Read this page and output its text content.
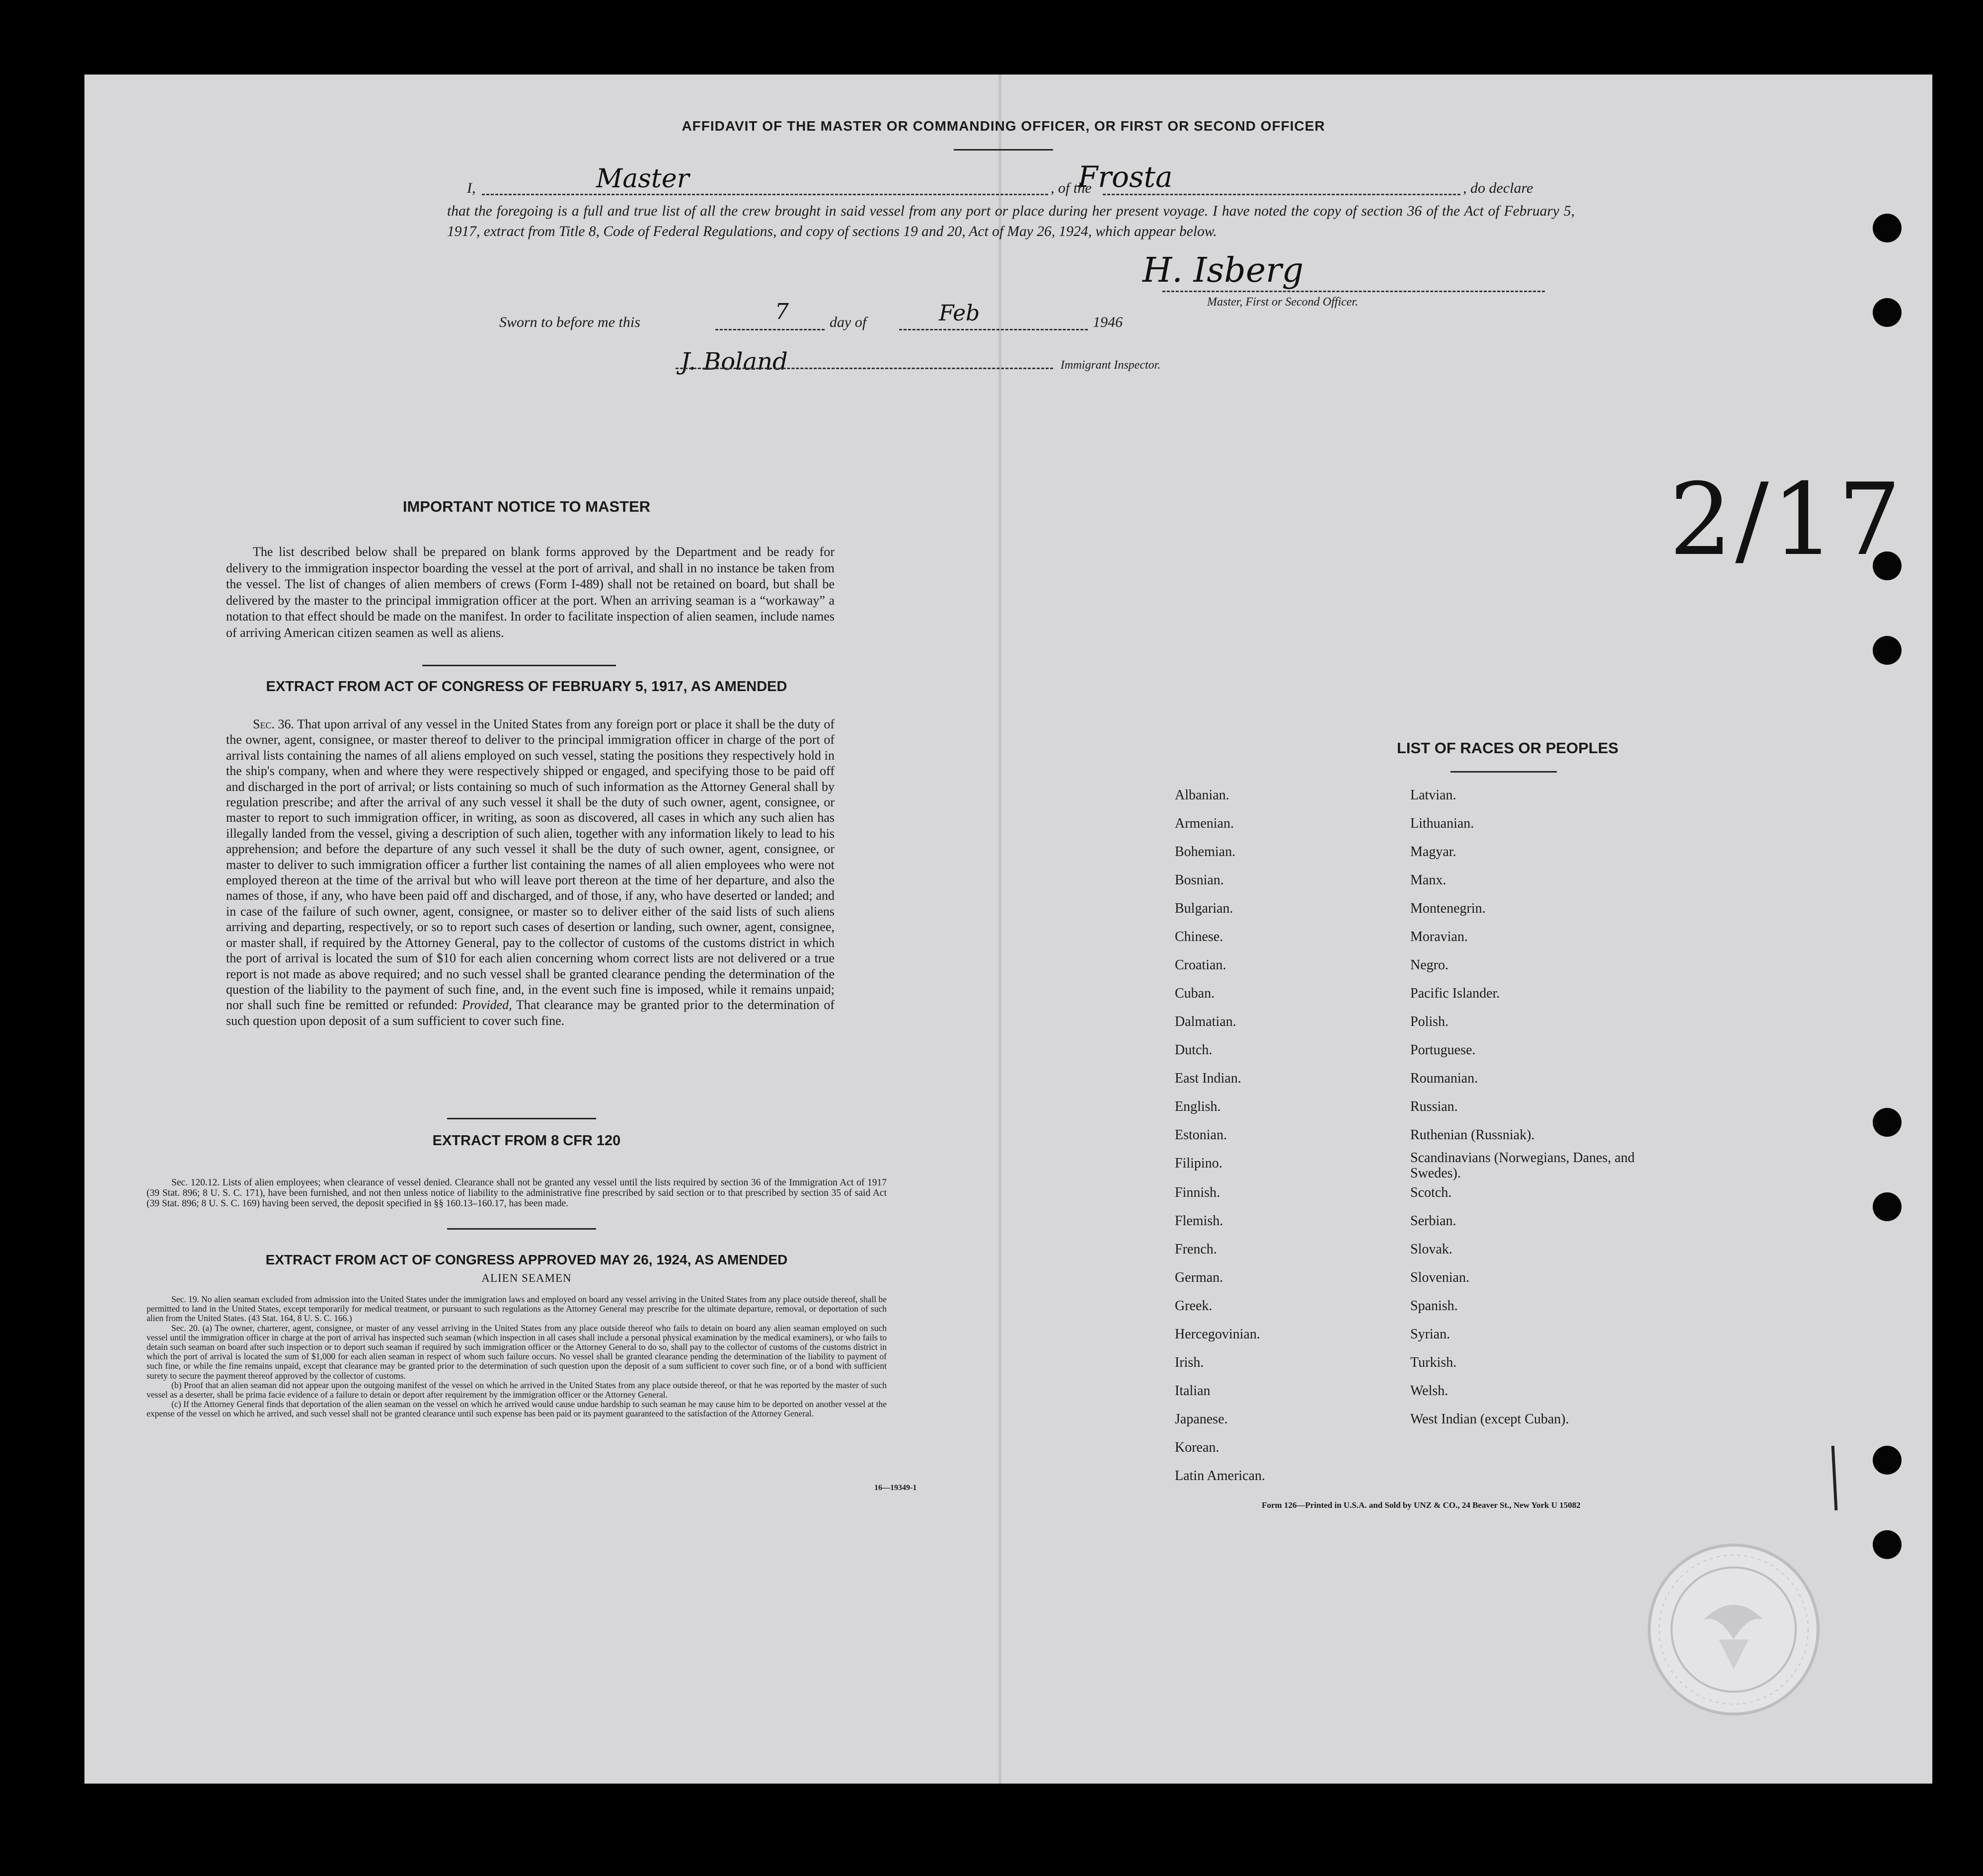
AFFIDAVIT OF THE MASTER OR COMMANDING OFFICER, OR FIRST OR SECOND OFFICER
I,	Master	, of the
Frosta	, do declare
that the foregoing is a full and true list of all the crew brought in said vessel from any port or place during her present voyage. I have noted the copy of section 36 of the Act of February 5, 1917, extract from Title 8, Code of Federal Regulations, and copy of sections 19 and 20, Act of May 26, 1924, which appear below.
H. Isberg
Master, First or Second Officer.
Sworn to before me this	7	day of	Feb	1946
J. Boland	Immigrant Inspector.
2/17
IMPORTANT NOTICE TO MASTER
The list described below shall be prepared on blank forms approved by the Department and be ready for delivery to the immigration inspector boarding the vessel at the port of arrival, and shall in no instance be taken from the vessel. The list of changes of alien members of crews (Form I-489) shall not be retained on board, but shall be delivered by the master to the principal immigration officer at the port. When an arriving seaman is a “workaway” a notation to that effect should be made on the manifest. In order to facilitate inspection of alien seamen, include names of arriving American citizen seamen as well as aliens.
EXTRACT FROM ACT OF CONGRESS OF FEBRUARY 5, 1917, AS AMENDED
Sec. 36. That upon arrival of any vessel in the United States from any foreign port or place it shall be the duty of the owner, agent, consignee, or master thereof to deliver to the principal immigration officer in charge of the port of arrival lists containing the names of all aliens employed on such vessel, stating the positions they respectively hold in the ship's company, when and where they were respectively shipped or engaged, and specifying those to be paid off and discharged in the port of arrival; or lists containing so much of such information as the Attorney General shall by regulation prescribe; and after the arrival of any such vessel it shall be the duty of such owner, agent, consignee, or master to report to such immigration officer, in writing, as soon as discovered, all cases in which any such alien has illegally landed from the vessel, giving a description of such alien, together with any information likely to lead to his apprehension; and before the departure of any such vessel it shall be the duty of such owner, agent, consignee, or master to deliver to such immigration officer a further list containing the names of all alien employees who were not employed thereon at the time of the arrival but who will leave port thereon at the time of her departure, and also the names of those, if any, who have been paid off and discharged, and of those, if any, who have deserted or landed; and in case of the failure of such owner, agent, consignee, or master so to deliver either of the said lists of such aliens arriving and departing, respectively, or so to report such cases of desertion or landing, such owner, agent, consignee, or master shall, if required by the Attorney General, pay to the collector of customs of the customs district in which the port of arrival is located the sum of $10 for each alien concerning whom correct lists are not delivered or a true report is not made as above required; and no such vessel shall be granted clearance pending the determination of the question of the liability to the payment of such fine, and, in the event such fine is imposed, while it remains unpaid; nor shall such fine be remitted or refunded: Provided, That clearance may be granted prior to the determination of such question upon deposit of a sum sufficient to cover such fine.
EXTRACT FROM 8 CFR 120
Sec. 120.12. Lists of alien employees; when clearance of vessel denied. Clearance shall not be granted any vessel until the lists required by section 36 of the Immigration Act of 1917 (39 Stat. 896; 8 U. S. C. 171), have been furnished, and not then unless notice of liability to the administrative fine prescribed by said section or to that prescribed by section 35 of said Act (39 Stat. 896; 8 U. S. C. 169) having been served, the deposit specified in §§ 160.13–160.17, has been made.
EXTRACT FROM ACT OF CONGRESS APPROVED MAY 26, 1924, AS AMENDED
ALIEN SEAMEN
Sec. 19. No alien seaman excluded from admission into the United States under the immigration laws and employed on board any vessel arriving in the United States from any place outside thereof, shall be permitted to land in the United States, except temporarily for medical treatment, or pursuant to such regulations as the Attorney General may prescribe for the ultimate departure, removal, or deportation of such alien from the United States. (43 Stat. 164, 8 U. S. C. 166.)
Sec. 20. (a) The owner, charterer, agent, consignee, or master of any vessel arriving in the United States from any place outside thereof who fails to detain on board any alien seaman employed on such vessel until the immigration officer in charge at the port of arrival has inspected such seaman (which inspection in all cases shall include a personal physical examination by the medical examiners), or who fails to detain such seaman on board after such inspection or to deport such seaman if required by such immigration officer or the Attorney General to do so, shall pay to the collector of customs of the customs district in which the port of arrival is located the sum of $1,000 for each alien seaman in respect of whom such failure occurs. No vessel shall be granted clearance pending the determination of the liability to payment of such fine, or while the fine remains unpaid, except that clearance may be granted prior to the determination of such question upon the deposit of a sum sufficient to cover such fine, or of a bond with sufficient surety to secure the payment thereof approved by the collector of customs.
(b) Proof that an alien seaman did not appear upon the outgoing manifest of the vessel on which he arrived in the United States from any place outside thereof, or that he was reported by the master of such vessel as a deserter, shall be prima facie evidence of a failure to detain or deport after requirement by the immigration officer or the Attorney General.
(c) If the Attorney General finds that deportation of the alien seaman on the vessel on which he arrived would cause undue hardship to such seaman he may cause him to be deported on another vessel at the expense of the vessel on which he arrived, and such vessel shall not be granted clearance until such expense has been paid or its payment guaranteed to the satisfaction of the Attorney General.
16—19349-1
LIST OF RACES OR PEOPLES
Albanian.	Latvian.
Armenian.	Lithuanian.
Bohemian.	Magyar.
Bosnian.	Manx.
Bulgarian.	Montenegrin.
Chinese.	Moravian.
Croatian.	Negro.
Cuban.	Pacific Islander.
Dalmatian.	Polish.
Dutch.	Portuguese.
East Indian.	Roumanian.
English.	Russian.
Estonian.	Ruthenian (Russniak).
Filipino.	Scandinavians (Norwegians, Danes, and Swedes).
Finnish.	Scotch.
Flemish.	Serbian.
French.	Slovak.
German.	Slovenian.
Greek.	Spanish.
Hercegovinian.	Syrian.
Irish.	Turkish.
Italian	Welsh.
Japanese.	West Indian (except Cuban).
Korean.
Latin American.
Form 126—Printed in U.S.A. and Sold by UNZ & CO., 24 Beaver St., New York U 15082
